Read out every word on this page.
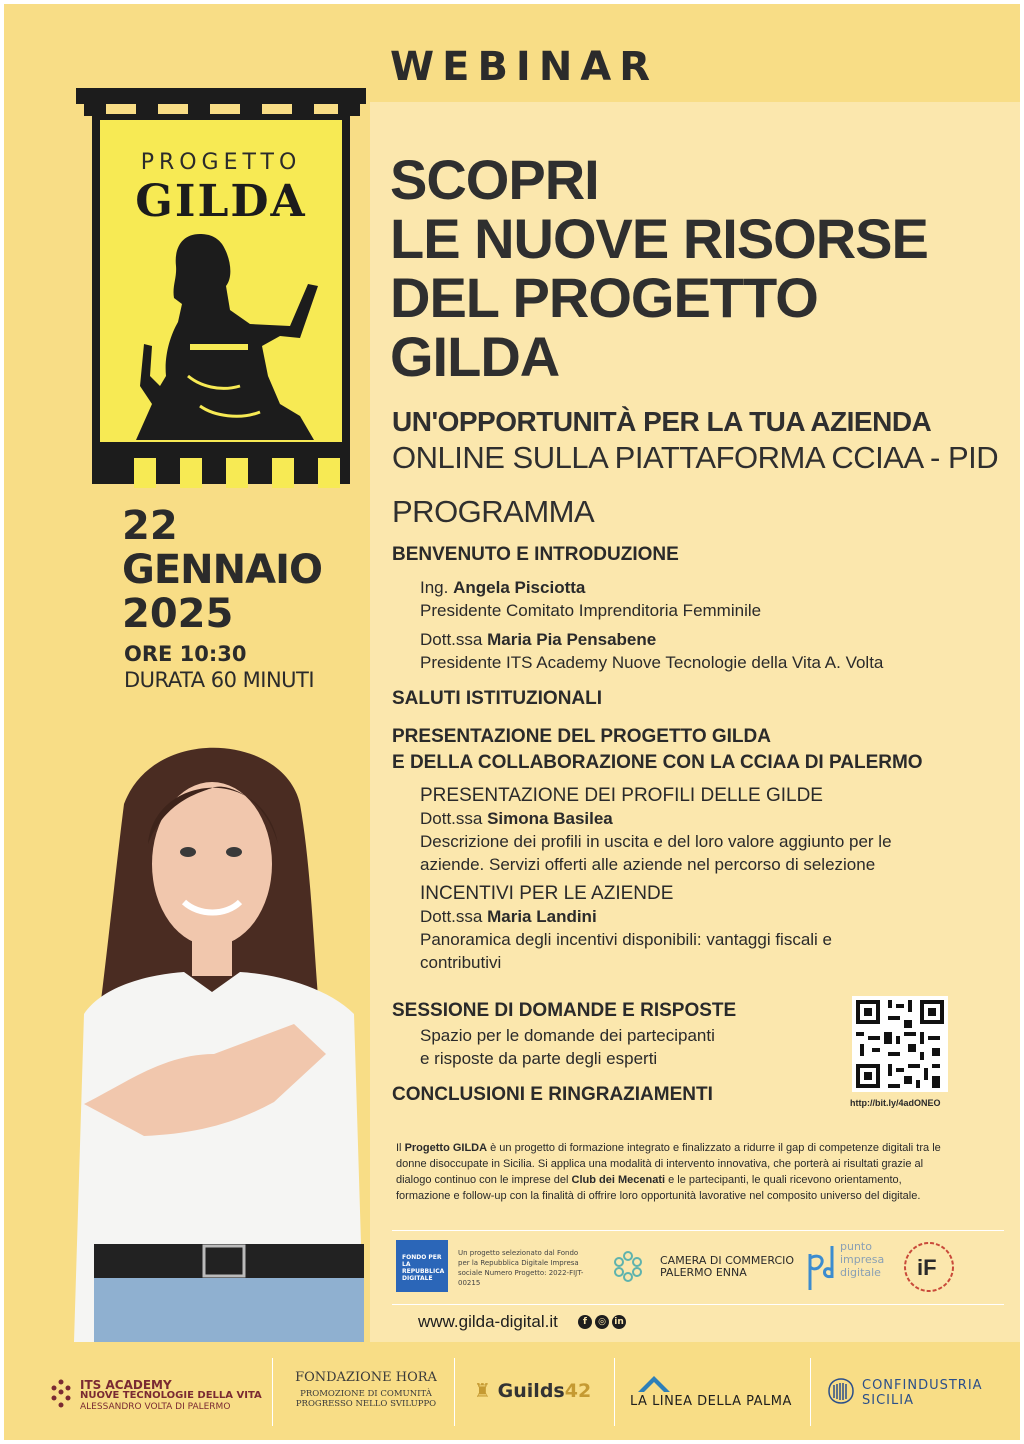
WEBINAR
PROGETTO
GILDA
22
GENNAIO
2025
ORE 10:30
DURATA 60 MINUTI
SCOPRI
LE NUOVE RISORSE
DEL PROGETTO
GILDA
UN'OPPORTUNITÀ PER LA TUA AZIENDA
ONLINE SULLA PIATTAFORMA CCIAA - PID
PROGRAMMA
BENVENUTO E INTRODUZIONE
Ing. Angela Pisciotta
Presidente Comitato Imprenditoria Femminile
Dott.ssa Maria Pia Pensabene
Presidente ITS Academy Nuove Tecnologie della Vita A. Volta
SALUTI ISTITUZIONALI
PRESENTAZIONE DEL PROGETTO GILDA
E DELLA COLLABORAZIONE CON LA CCIAA DI PALERMO
PRESENTAZIONE DEI PROFILI DELLE GILDE
Dott.ssa Simona Basilea
Descrizione dei profili in uscita e del loro valore aggiunto per le
aziende. Servizi offerti alle aziende nel percorso di selezione
INCENTIVI PER LE AZIENDE
Dott.ssa Maria Landini
Panoramica degli incentivi disponibili: vantaggi fiscali e
contributivi
SESSIONE DI DOMANDE E RISPOSTE
Spazio per le domande dei partecipanti
e risposte da parte degli esperti
CONCLUSIONI E RINGRAZIAMENTI	http://bit.ly/4adONEO
Il Progetto GILDA è un progetto di formazione integrato e finalizzato a ridurre il gap di competenze digitali tra le donne disoccupate in Sicilia. Si applica una modalità di intervento innovativa, che porterà ai risultati grazie al dialogo continuo con le imprese del Club dei Mecenati e le partecipanti, le quali ricevono orientamento, formazione e follow-up con la finalità di offrire loro opportunità lavorative nel composito universo del digitale.
FONDO PER LA REPUBBLICA DIGITALE
Un progetto selezionato dal Fondo per la Repubblica Digitale Impresa sociale Numero Progetto: 2022-FIJT-00215
CAMERA DI COMMERCIO
PALERMO ENNA
punto
impresa
digitale iF
www.gilda-digital.it	f	◎ in
ITS ACADEMY
NUOVE TECNOLOGIE DELLA VITA
ALESSANDRO VOLTA DI PALERMO
FONDAZIONE HORA
PROMOZIONE DI COMUNITÀ
PROGRESSO NELLO SVILUPPO
♜ Guilds42	LA LINEA DELLA PALMA
CONFINDUSTRIA
SICILIA
